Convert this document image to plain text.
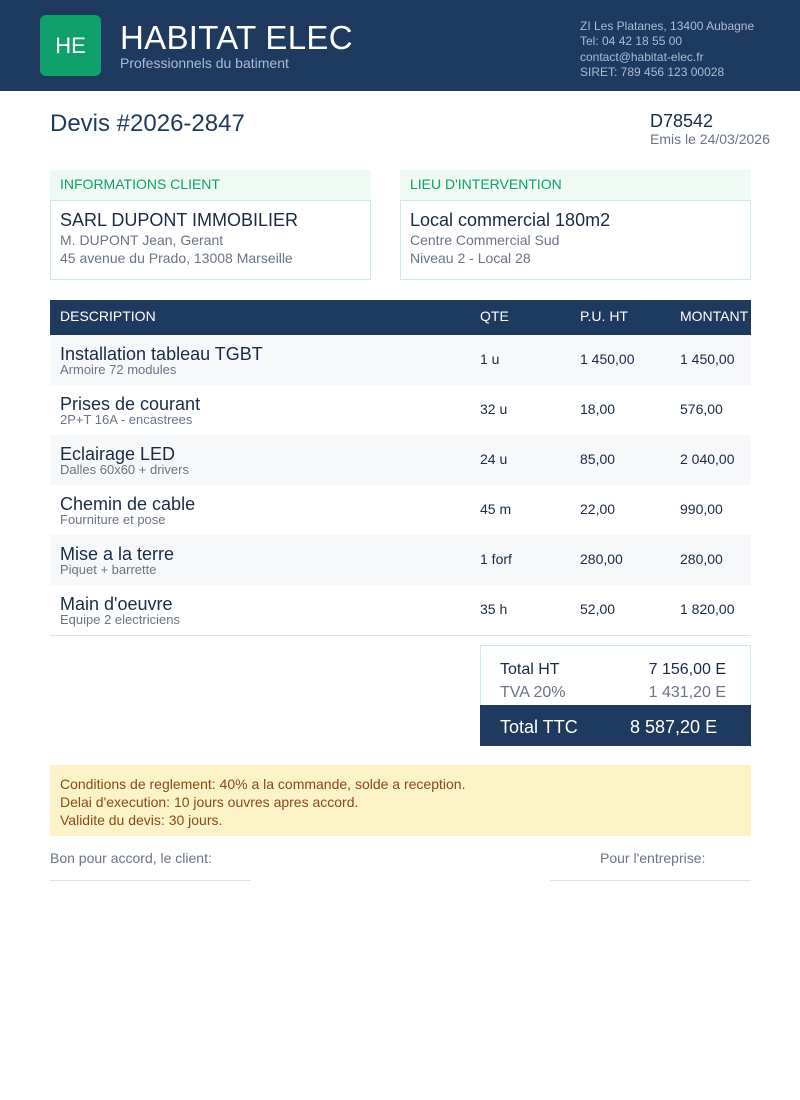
HE	HABITAT ELEC
Professionnels du batiment
ZI Les Platanes, 13400 Aubagne
Tel: 04 42 18 55 00
contact@habitat-elec.fr
SIRET: 789 456 123 00028
Devis #2026-2847	D78542
Emis le 24/03/2026
INFORMATIONS CLIENT
SARL DUPONT IMMOBILIER
M. DUPONT Jean, Gerant
45 avenue du Prado, 13008 Marseille
LIEU D'INTERVENTION
Local commercial 180m2
Centre Commercial Sud
Niveau 2 - Local 28
DESCRIPTION	QTE	P.U. HT	MONTANT
Installation tableau TGBT
Armoire 72 modules
1 u	1 450,00	1 450,00
Prises de courant
2P+T 16A - encastrees
32 u	18,00	576,00
Eclairage LED
Dalles 60x60 + drivers
24 u	85,00	2 040,00
Chemin de cable
Fourniture et pose
45 m	22,00	990,00
Mise a la terre
Piquet + barrette
1 forf	280,00	280,00
Main d'oeuvre
Equipe 2 electriciens
35 h	52,00	1 820,00
Total HT	7 156,00 E
TVA 20%	1 431,20 E
Total TTC	8 587,20 E
Conditions de reglement: 40% a la commande, solde a reception.
Delai d'execution: 10 jours ouvres apres accord.
Validite du devis: 30 jours.
Bon pour accord, le client:	Pour l'entreprise:
